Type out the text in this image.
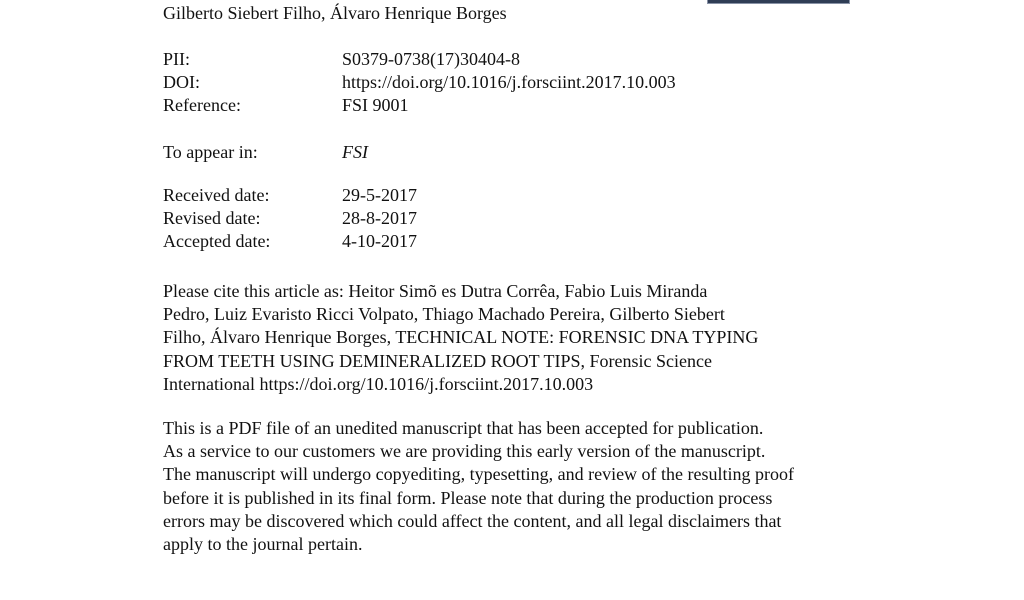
Gilberto Siebert Filho, Álvaro Henrique Borges
PII:	S0379-0738(17)30404-8
DOI:	https://doi.org/10.1016/j.forsciint.2017.10.003
Reference:	FSI 9001
To appear in:	FSI
Received date:	29-5-2017
Revised date:	28-8-2017
Accepted date:	4-10-2017
Please cite this article as: Heitor Simõ es Dutra Corrêa, Fabio Luis Miranda
Pedro, Luiz Evaristo Ricci Volpato, Thiago Machado Pereira, Gilberto Siebert
Filho, Álvaro Henrique Borges, TECHNICAL NOTE: FORENSIC DNA TYPING
FROM TEETH USING DEMINERALIZED ROOT TIPS, Forensic Science
International https://doi.org/10.1016/j.forsciint.2017.10.003
This is a PDF file of an unedited manuscript that has been accepted for publication.
As a service to our customers we are providing this early version of the manuscript.
The manuscript will undergo copyediting, typesetting, and review of the resulting proof
before it is published in its final form. Please note that during the production process
errors may be discovered which could affect the content, and all legal disclaimers that
apply to the journal pertain.
